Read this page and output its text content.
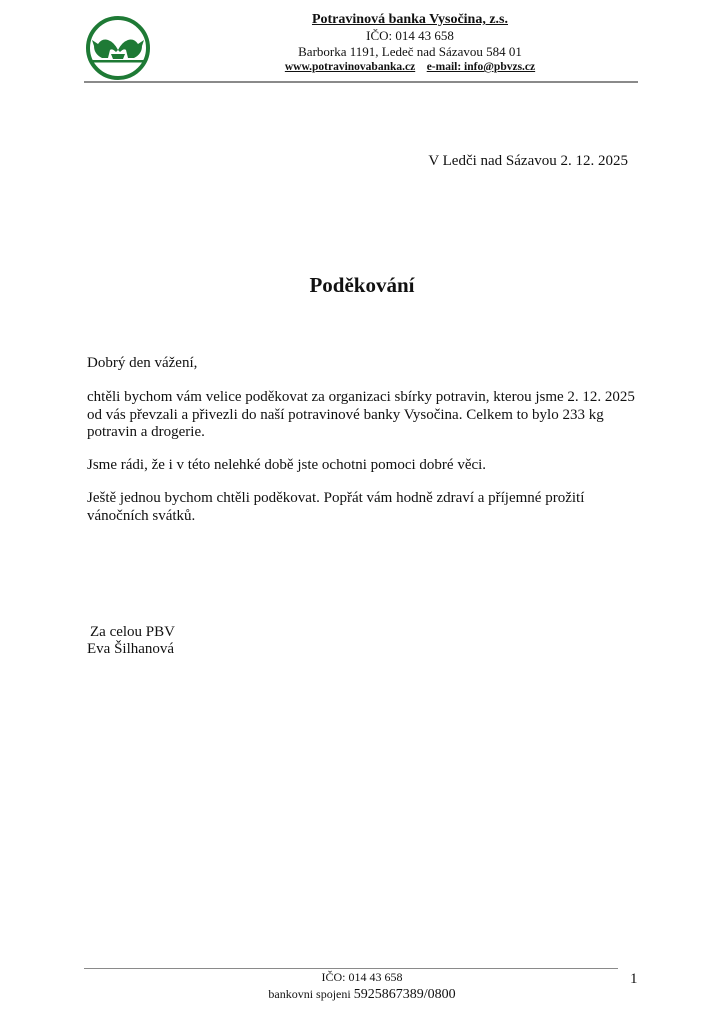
Potravinová banka Vysočina, z.s.
IČO: 014 43 658
Barborka 1191, Ledeč nad Sázavou 584 01
www.potravinovabanka.cz e-mail: info@pbvzs.cz
V Ledči nad Sázavou 2. 12. 2025
Poděkování
Dobrý den vážení,
chtěli bychom vám velice poděkovat za organizaci sbírky potravin, kterou jsme 2. 12. 2025 od vás převzali a přivezli do naší potravinové banky Vysočina. Celkem to bylo 233 kg potravin a drogerie.
Jsme rádi, že i v této nelehké době jste ochotni pomoci dobré věci.
Ještě jednou bychom chtěli poděkovat. Popřát vám hodně zdraví a příjemné prožití vánočních svátků.
Za celou PBV
Eva Šilhanová
IČO: 014 43 658
bankovni spojeni 5925867389/0800
1
